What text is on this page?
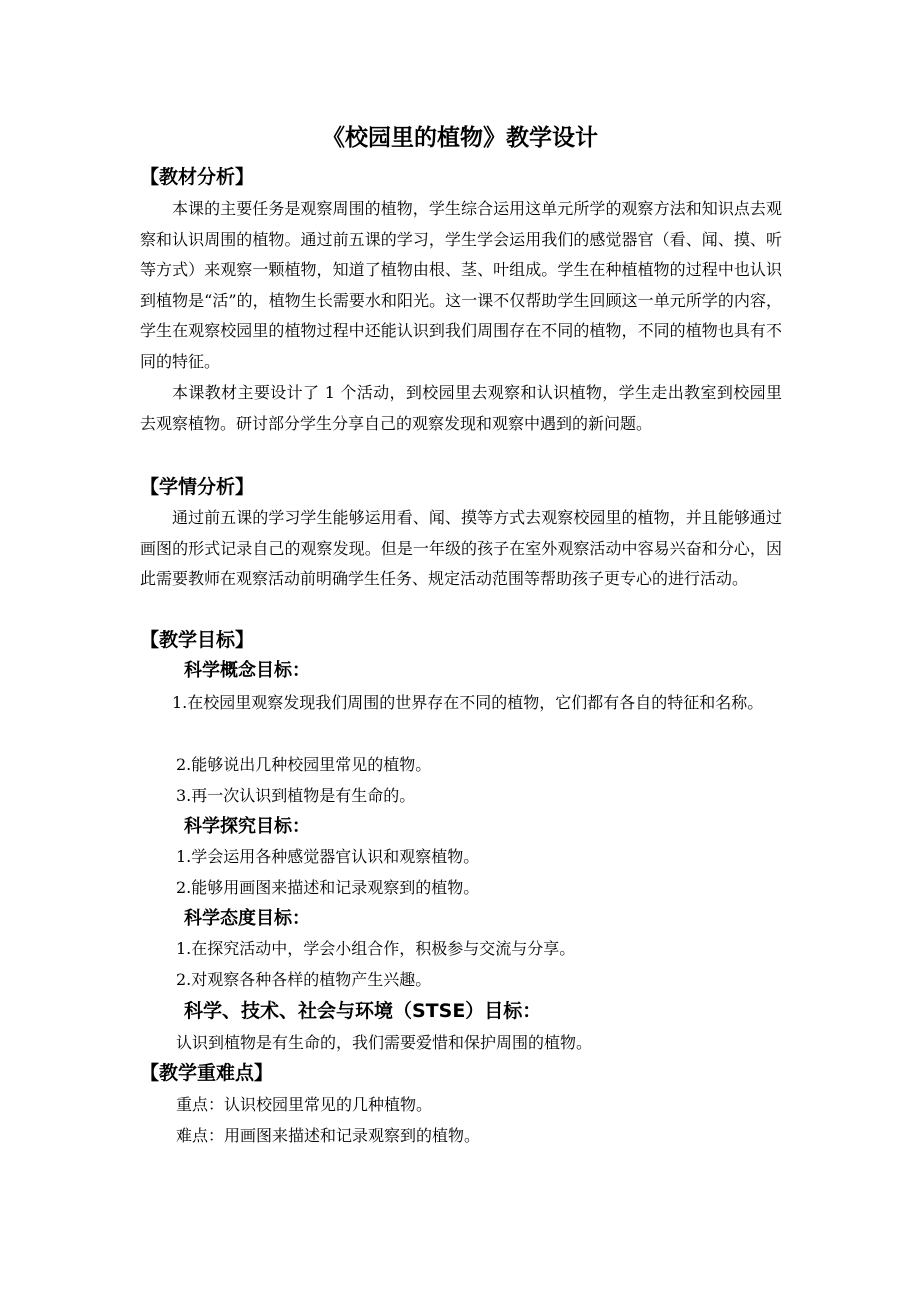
《校园里的植物》教学设计
【教材分析】

本课的主要任务是观察周围的植物，学生综合运用这单元所学的观察方法和知识点去观察和认识周围的植物。通过前五课的学习，学生学会运用我们的感觉器官（看、闻、摸、听等方式）来观察一颗植物，知道了植物由根、茎、叶组成。学生在种植植物的过程中也认识到植物是“活”的，植物生长需要水和阳光。这一课不仅帮助学生回顾这一单元所学的内容，学生在观察校园里的植物过程中还能认识到我们周围存在不同的植物，不同的植物也具有不同的特征。

本课教材主要设计了 1 个活动，到校园里去观察和认识植物，学生走出教室到校园里去观察植物。研讨部分学生分享自己的观察发现和观察中遇到的新问题。

【学情分析】

通过前五课的学习学生能够运用看、闻、摸等方式去观察校园里的植物，并且能够通过画图的形式记录自己的观察发现。但是一年级的孩子在室外观察活动中容易兴奋和分心，因此需要教师在观察活动前明确学生任务、规定活动范围等帮助孩子更专心的进行活动。

【教学目标】
科学概念目标：

1.在校园里观察发现我们周围的世界存在不同的植物，它们都有各自的特征和名称。

2.能够说出几种校园里常见的植物。

3.再一次认识到植物是有生命的。

科学探究目标：

1.学会运用各种感觉器官认识和观察植物。

2.能够用画图来描述和记录观察到的植物。

科学态度目标：

1.在探究活动中，学会小组合作，积极参与交流与分享。

2.对观察各种各样的植物产生兴趣。

科学、技术、社会与环境（STSE）目标：

认识到植物是有生命的，我们需要爱惜和保护周围的植物。

【教学重难点】

重点：认识校园里常见的几种植物。

难点：用画图来描述和记录观察到的植物。
